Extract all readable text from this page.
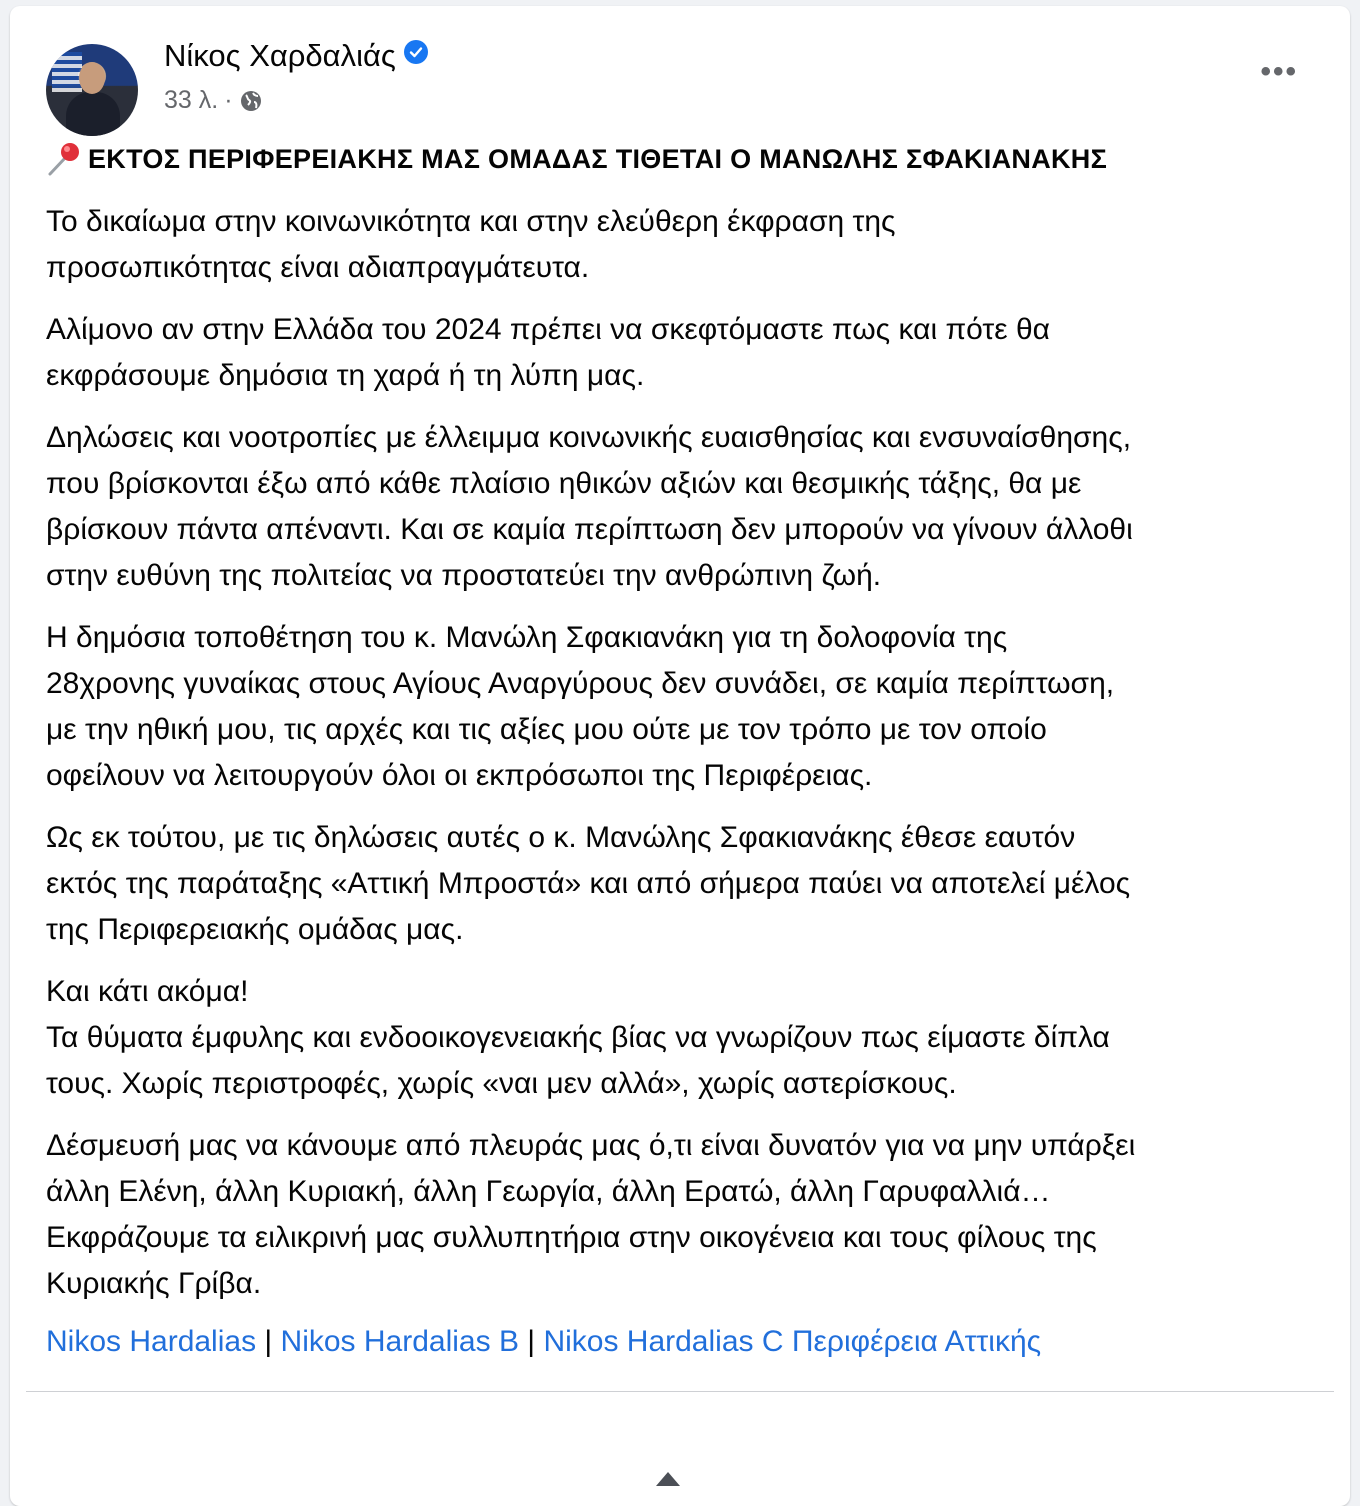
Νίκος Χαρδαλιάς
33 λ. ·
•••
ΕΚΤΟΣ ΠΕΡΙΦΕΡΕΙΑΚΗΣ ΜΑΣ ΟΜΑΔΑΣ ΤΙΘΕΤΑΙ Ο ΜΑΝΩΛΗΣ ΣΦΑΚΙΑΝΑΚΗΣ

Το δικαίωμα στην κοινωνικότητα και στην ελεύθερη έκφραση της
προσωπικότητας είναι αδιαπραγμάτευτα.

Αλίμονο αν στην Ελλάδα του 2024 πρέπει να σκεφτόμαστε πως και πότε θα
εκφράσουμε δημόσια τη χαρά ή τη λύπη μας.

Δηλώσεις και νοοτροπίες με έλλειμμα κοινωνικής ευαισθησίας και ενσυναίσθησης,
που βρίσκονται έξω από κάθε πλαίσιο ηθικών αξιών και θεσμικής τάξης, θα με
βρίσκουν πάντα απέναντι. Και σε καμία περίπτωση δεν μπορούν να γίνουν άλλοθι
στην ευθύνη της πολιτείας να προστατεύει την ανθρώπινη ζωή.

Η δημόσια τοποθέτηση του κ. Μανώλη Σφακιανάκη για τη δολοφονία της
28χρονης γυναίκας στους Αγίους Αναργύρους δεν συνάδει, σε καμία περίπτωση,
με την ηθική μου, τις αρχές και τις αξίες μου ούτε με τον τρόπο με τον οποίο
οφείλουν να λειτουργούν όλοι οι εκπρόσωποι της Περιφέρειας.

Ως εκ τούτου, με τις δηλώσεις αυτές ο κ. Μανώλης Σφακιανάκης έθεσε εαυτόν
εκτός της παράταξης «Αττική Μπροστά» και από σήμερα παύει να αποτελεί μέλος
της Περιφερειακής ομάδας μας.

Και κάτι ακόμα!
Τα θύματα έμφυλης και ενδοοικογενειακής βίας να γνωρίζουν πως είμαστε δίπλα
τους. Χωρίς περιστροφές, χωρίς «ναι μεν αλλά», χωρίς αστερίσκους.

Δέσμευσή μας να κάνουμε από πλευράς μας ό,τι είναι δυνατόν για να μην υπάρξει
άλλη Ελένη, άλλη Κυριακή, άλλη Γεωργία, άλλη Ερατώ, άλλη Γαρυφαλλιά…
Εκφράζουμε τα ειλικρινή μας συλλυπητήρια στην οικογένεια και τους φίλους της
Κυριακής Γρίβα.

Nikos Hardalias | Nikos Hardalias B | Nikos Hardalias C Περιφέρεια Αττικής
